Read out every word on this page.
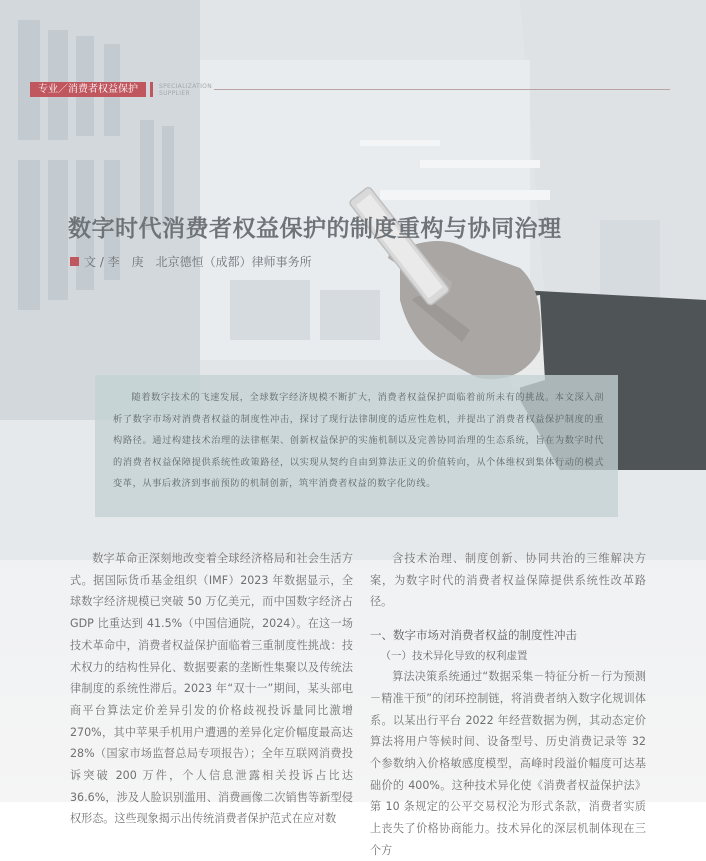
专业／消费者权益保护	SPECIALIZATION SUPPLIER
数字时代消费者权益保护的制度重构与协同治理
文 / 李　庚　北京德恒（成都）律师事务所

随着数字技术的飞速发展，全球数字经济规模不断扩大，消费者权益保护面临着前所未有的挑战。本文深入剖析了数字市场对消费者权益的制度性冲击，探讨了现行法律制度的适应性危机，并提出了消费者权益保护制度的重构路径。通过构建技术治理的法律框架、创新权益保护的实施机制以及完善协同治理的生态系统，旨在为数字时代的消费者权益保障提供系统性政策路径，以实现从契约自由到算法正义的价值转向，从个体维权到集体行动的模式变革，从事后救济到事前预防的机制创新，筑牢消费者权益的数字化防线。

数字革命正深刻地改变着全球经济格局和社会生活方式。据国际货币基金组织（IMF）2023 年数据显示，全球数字经济规模已突破 50 万亿美元，而中国数字经济占 GDP 比重达到 41.5%（中国信通院，2024）。在这一场技术革命中，消费者权益保护面临着三重制度性挑战：技术权力的结构性异化、数据要素的垄断性集聚以及传统法律制度的系统性滞后。2023 年“双十一”期间，某头部电商平台算法定价差异引发的价格歧视投诉量同比激增 270%，其中苹果手机用户遭遇的差异化定价幅度最高达 28%（国家市场监督总局专项报告）；全年互联网消费投诉突破 200 万件，个人信息泄露相关投诉占比达 36.6%，涉及人脸识别滥用、消费画像二次销售等新型侵权形态。这些现象揭示出传统消费者保护范式在应对数

含技术治理、制度创新、协同共治的三维解决方案，为数字时代的消费者权益保障提供系统性改革路径。

一、数字市场对消费者权益的制度性冲击

（一）技术异化导致的权利虚置

算法决策系统通过“数据采集－特征分析－行为预测－精准干预”的闭环控制链，将消费者纳入数字化规训体系。以某出行平台 2022 年经营数据为例，其动态定价算法将用户等候时间、设备型号、历史消费记录等 32 个参数纳入价格敏感度模型，高峰时段溢价幅度可达基础价的 400%。这种技术异化使《消费者权益保护法》第 10 条规定的公平交易权沦为形式条款，消费者实质上丧失了价格协商能力。技术异化的深层机制体现在三个方
